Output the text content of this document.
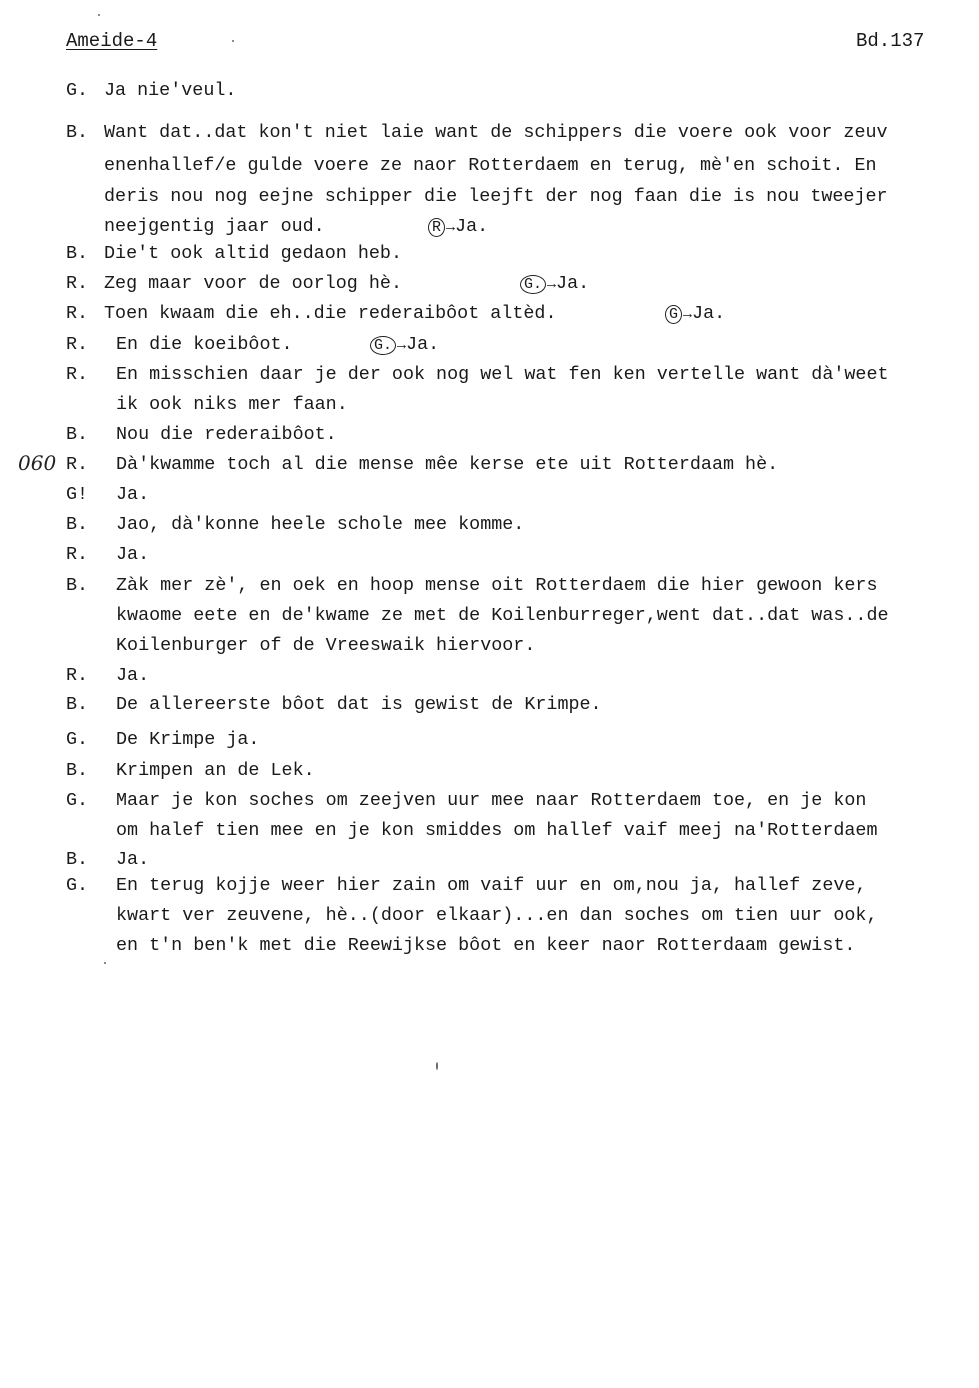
Ameide-4	Bd.137
G. Ja nie'veul.
B. Want dat..dat kon't niet laie want de schippers die voere ook voor zeuv
enenhallef/e gulde voere ze naor Rotterdaem en terug, mè'en schoit. En
deris nou nog eejne schipper die leejft der nog faan die is nou tweejer
neejgentig jaar oud.	R →Ja.
B. Die't ook altid gedaon heb.
R. Zeg maar voor de oorlog hè.	G. →Ja.
R. Toen kwaam die eh..die rederaibôot altèd.	G →Ja.
R. En die koeibôot.	G. →Ja.
R. En misschien daar je der ook nog wel wat fen ken vertelle want dà'weet
ik ook niks mer faan.
B. Nou die rederaibôot.
060 R. Dà'kwamme toch al die mense mêe kerse ete uit Rotterdaam hè.
G! Ja.
B. Jao, dà'konne heele schole mee komme.
R. Ja.
B. Zàk mer zè', en oek en hoop mense oit Rotterdaem die hier gewoon kers
kwaome eete en de'kwame ze met de Koilenburreger,went dat..dat was..de
Koilenburger of de Vreeswaik hiervoor.
R. Ja.
B. De allereerste bôot dat is gewist de Krimpe.
G. De Krimpe ja.
B. Krimpen an de Lek.
G. Maar je kon soches om zeejven uur mee naar Rotterdaem toe, en je kon
om halef tien mee en je kon smiddes om hallef vaif meej na'Rotterdaem
B. Ja.
G. En terug kojje weer hier zain om vaif uur en om,nou ja, hallef zeve,
kwart ver zeuvene, hè..(door elkaar)...en dan soches om tien uur ook,
en t'n ben'k met die Reewijkse bôot en keer naor Rotterdaam gewist.
